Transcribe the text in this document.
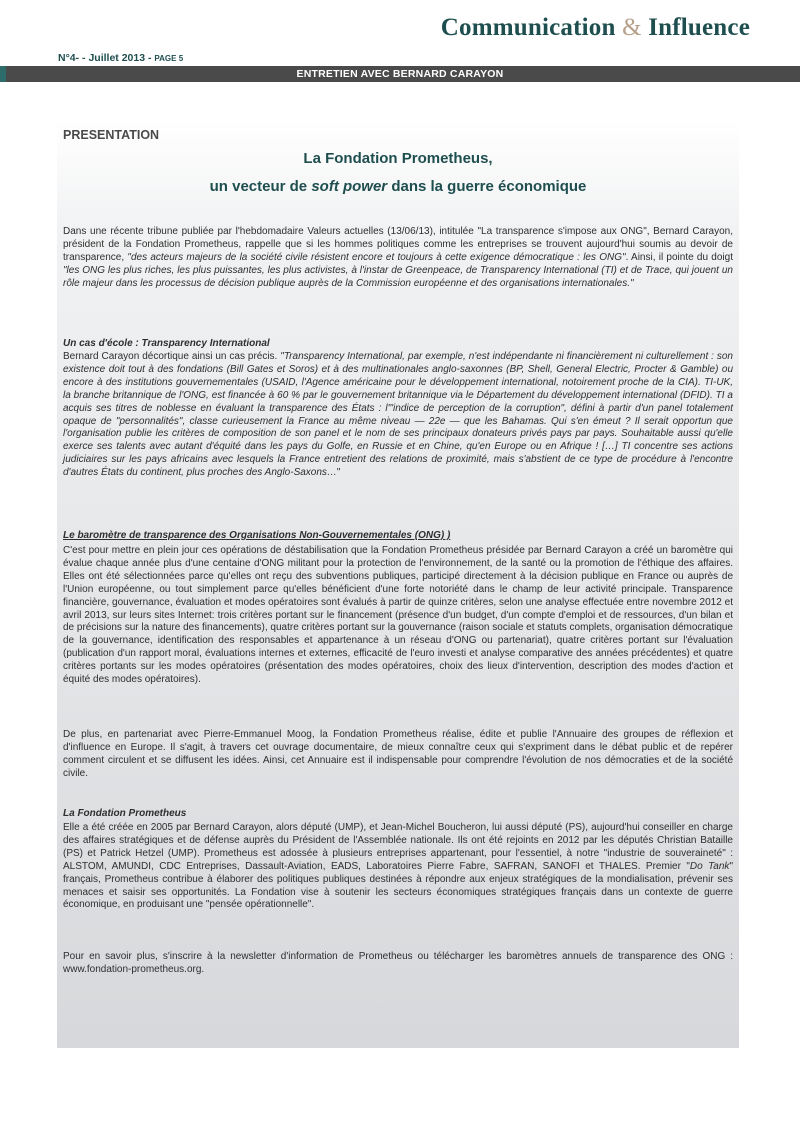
Communication & Influence
N°4- - Juillet 2013 - PAGE 5
ENTRETIEN AVEC BERNARD CARAYON
PRESENTATION
La Fondation Prometheus,
un vecteur de soft power dans la guerre économique
Dans une récente tribune publiée par l'hebdomadaire Valeurs actuelles (13/06/13), intitulée "La transparence s'impose aux ONG", Bernard Carayon, président de la Fondation Prometheus, rappelle que si les hommes politiques comme les entreprises se trouvent aujourd'hui soumis au devoir de transparence, "des acteurs majeurs de la société civile résistent encore et toujours à cette exigence démocratique : les ONG". Ainsi, il pointe du doigt "les ONG les plus riches, les plus puissantes, les plus activistes, à l'instar de Greenpeace, de Transparency International (TI) et de Trace, qui jouent un rôle majeur dans les processus de décision publique auprès de la Commission européenne et des organisations internationales."
Un cas d'école : Transparency International
Bernard Carayon décortique ainsi un cas précis. "Transparency International, par exemple, n'est indépendante ni financièrement ni culturellement : son existence doit tout à des fondations (Bill Gates et Soros) et à des multinationales anglo-saxonnes (BP, Shell, General Electric, Procter & Gamble) ou encore à des institutions gouvernementales (USAID, l'Agence américaine pour le développement international, notoirement proche de la CIA). TI-UK, la branche britannique de l'ONG, est financée à 60 % par le gouvernement britannique via le Département du développement international (DFID). TI a acquis ses titres de noblesse en évaluant la transparence des États : l'"indice de perception de la corruption", défini à partir d'un panel totalement opaque de "personnalités", classe curieusement la France au même niveau — 22e — que les Bahamas. Qui s'en émeut ? Il serait opportun que l'organisation publie les critères de composition de son panel et le nom de ses principaux donateurs privés pays par pays. Souhaitable aussi qu'elle exerce ses talents avec autant d'équité dans les pays du Golfe, en Russie et en Chine, qu'en Europe ou en Afrique ! […] TI concentre ses actions judiciaires sur les pays africains avec lesquels la France entretient des relations de proximité, mais s'abstient de ce type de procédure à l'encontre d'autres États du continent, plus proches des Anglo-Saxons…"
Le baromètre de transparence des Organisations Non-Gouvernementales (ONG) )
C'est pour mettre en plein jour ces opérations de déstabilisation que la Fondation Prometheus présidée par Bernard Carayon a créé un baromètre qui évalue chaque année plus d'une centaine d'ONG militant pour la protection de l'environnement, de la santé ou la promotion de l'éthique des affaires. Elles ont été sélectionnées parce qu'elles ont reçu des subventions publiques, participé directement à la décision publique en France ou auprès de l'Union européenne, ou tout simplement parce qu'elles bénéficient d'une forte notoriété dans le champ de leur activité principale. Transparence financière, gouvernance, évaluation et modes opératoires sont évalués à partir de quinze critères, selon une analyse effectuée entre novembre 2012 et avril 2013, sur leurs sites Internet: trois critères portant sur le financement (présence d'un budget, d'un compte d'emploi et de ressources, d'un bilan et de précisions sur la nature des financements), quatre critères portant sur la gouvernance (raison sociale et statuts complets, organisation démocratique de la gouvernance, identification des responsables et appartenance à un réseau d'ONG ou partenariat), quatre critères portant sur l'évaluation (publication d'un rapport moral, évaluations internes et externes, efficacité de l'euro investi et analyse comparative des années précédentes) et quatre critères portants sur les modes opératoires (présentation des modes opératoires, choix des lieux d'intervention, description des modes d'action et équité des modes opératoires).
De plus, en partenariat avec Pierre-Emmanuel Moog, la Fondation Prometheus réalise, édite et publie l'Annuaire des groupes de réflexion et d'influence en Europe. Il s'agit, à travers cet ouvrage documentaire, de mieux connaître ceux qui s'expriment dans le débat public et de repérer comment circulent et se diffusent les idées. Ainsi, cet Annuaire est il indispensable pour comprendre l'évolution de nos démocraties et de la société civile.
La Fondation Prometheus
Elle a été créée en 2005 par Bernard Carayon, alors député (UMP), et Jean-Michel Boucheron, lui aussi député (PS), aujourd'hui conseiller en charge des affaires stratégiques et de défense auprès du Président de l'Assemblée nationale. Ils ont été rejoints en 2012 par les députés Christian Bataille (PS) et Patrick Hetzel (UMP). Prometheus est adossée à plusieurs entreprises appartenant, pour l'essentiel, à notre "industrie de souveraineté" : ALSTOM, AMUNDI, CDC Entreprises, Dassault-Aviation, EADS, Laboratoires Pierre Fabre, SAFRAN, SANOFI et THALES. Premier "Do Tank" français, Prometheus contribue à élaborer des politiques publiques destinées à répondre aux enjeux stratégiques de la mondialisation, prévenir ses menaces et saisir ses opportunités. La Fondation vise à soutenir les secteurs économiques stratégiques français dans un contexte de guerre économique, en produisant une "pensée opérationnelle".
Pour en savoir plus, s'inscrire à la newsletter d'information de Prometheus ou télécharger les baromètres annuels de transparence des ONG : www.fondation-prometheus.org.
